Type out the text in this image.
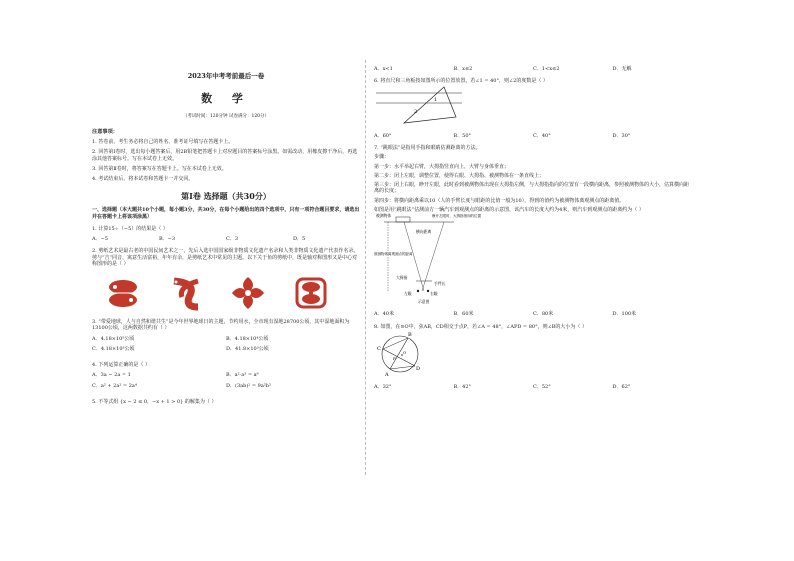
2023年中考考前最后一卷
数 学
（考试时间：120分钟 试卷满分：120分）
注意事项：
1. 答卷前，考生务必将自己的姓名、准考证号填写在答题卡上。
2. 回答第Ⅰ卷时，选出每小题答案后，用2B铅笔把答题卡上对应题目的答案标号涂黑。如需改动，用橡皮擦干净后，再选涂其他答案标号。写在本试卷上无效。
3. 回答第Ⅱ卷时，将答案写在答题卡上。写在本试卷上无效。
4. 考试结束后，将本试卷和答题卡一并交回。
第Ⅰ卷 选择题（共30分）
一、选择题（本大题共10个小题，每小题3分，共30分，在每个小题给出的四个选项中，只有一项符合题目要求，请选出并在答题卡上将该项涂黑）
1. 计算15÷（−5）的结果是（ ）
A．−5	B．−3	C．3	D．5
2. 剪纸艺术是最古老的中国民间艺术之一，先后入选中国国家级非物质文化遗产名录和人类非物质文化遗产代表作名录。剪与“吉”同音，寓意生活富裕，年年有余，是剪纸艺术中常见的主题。以下关于鱼的剪纸中，既是轴对称图形又是中心对称图形的是（ ）
3. “带爱地球，人与自然和谐共生”是今年世界地球日的主题，节约用水，全市现有湿地28700公顷，其中湿地面积为13100公顷，这两数据共约有（ ）
A．4.18×10⁵公顷	B．4.18×10⁴公顷
C．4.18×10³公顷	D．41.8×10³公顷
4. 下列运算正确的是（ ）
A．3a − 2a = 1	B．a²·a³ = a⁶
C．a² + 2a² = 2a⁴	D．(3ab)² = 9a²b²
5. 不等式组 {x − 2 ≤ 0，−x + 1 > 0} 的解集为（ ）
A．x<1	B．x≤2	C．1<x≤2	D．无解
6. 将直尺和三角板按如图所示的位置放置，若∠1 = 40°，则∠2的度数是（ ）
1
2
A．60°	B．50°	C．40°	D．30°
7. “跳眼法”是指用手指和眼睛估测距离的方法。
步骤：
第一步：水平举起右臂，大拇指竖直向上，大臂与身体垂直；
第二步：闭上左眼，调整位置，使得右眼、大拇指、被测物体在一条直线上；
第三步：闭上右眼，睁开左眼，此时看到被测物体出现在大拇指左侧，与大拇指指向的位置有一段横向距离，参照被测物体的大小，估算横向距离的长度；
第四步：将横向距离乘以10（人的手臂长度与眼距的比值一般为10），得到的值约为被测物体离观测点的距离值。
如图是用“跳眼法”估测前方一辆汽车到观测点的距离的示意图，该汽车的长度大约为4米，则汽车到观测点的距离约为（ ）
被测物体
横向距离
睁开左眼时，大拇指指向的位置
被测物体离观测点的距离
大拇指
手臂长
右眼
左眼
示意图
A．40米	B．60米	C．80米	D．100米
8. 如图，在⊙O中，弦AB，CD相交于点P，若∠A = 48°，∠APD = 80°，则∠B的大小为（ ）
B
C
D
A
P
O
A．32°	B．42°	C．52°	D．62°
